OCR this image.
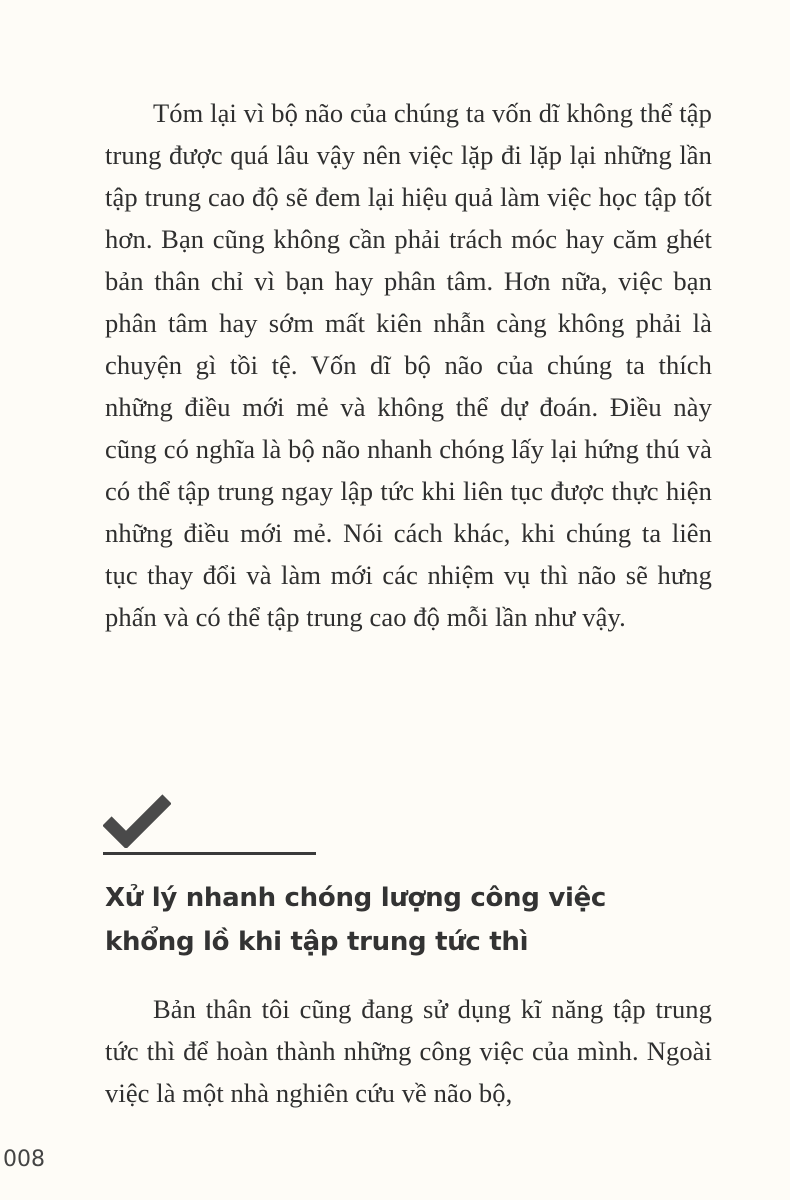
Tóm lại vì bộ não của chúng ta vốn dĩ không thể tập trung được quá lâu vậy nên việc lặp đi lặp lại những lần tập trung cao độ sẽ đem lại hiệu quả làm việc học tập tốt hơn. Bạn cũng không cần phải trách móc hay căm ghét bản thân chỉ vì bạn hay phân tâm. Hơn nữa, việc bạn phân tâm hay sớm mất kiên nhẫn càng không phải là chuyện gì tồi tệ. Vốn dĩ bộ não của chúng ta thích những điều mới mẻ và không thể dự đoán. Điều này cũng có nghĩa là bộ não nhanh chóng lấy lại hứng thú và có thể tập trung ngay lập tức khi liên tục được thực hiện những điều mới mẻ. Nói cách khác, khi chúng ta liên tục thay đổi và làm mới các nhiệm vụ thì não sẽ hưng phấn và có thể tập trung cao độ mỗi lần như vậy.

Xử lý nhanh chóng lượng công việc
khổng lồ khi tập trung tức thì

Bản thân tôi cũng đang sử dụng kĩ năng tập trung tức thì để hoàn thành những công việc của mình. Ngoài việc là một nhà nghiên cứu về não bộ,

008
